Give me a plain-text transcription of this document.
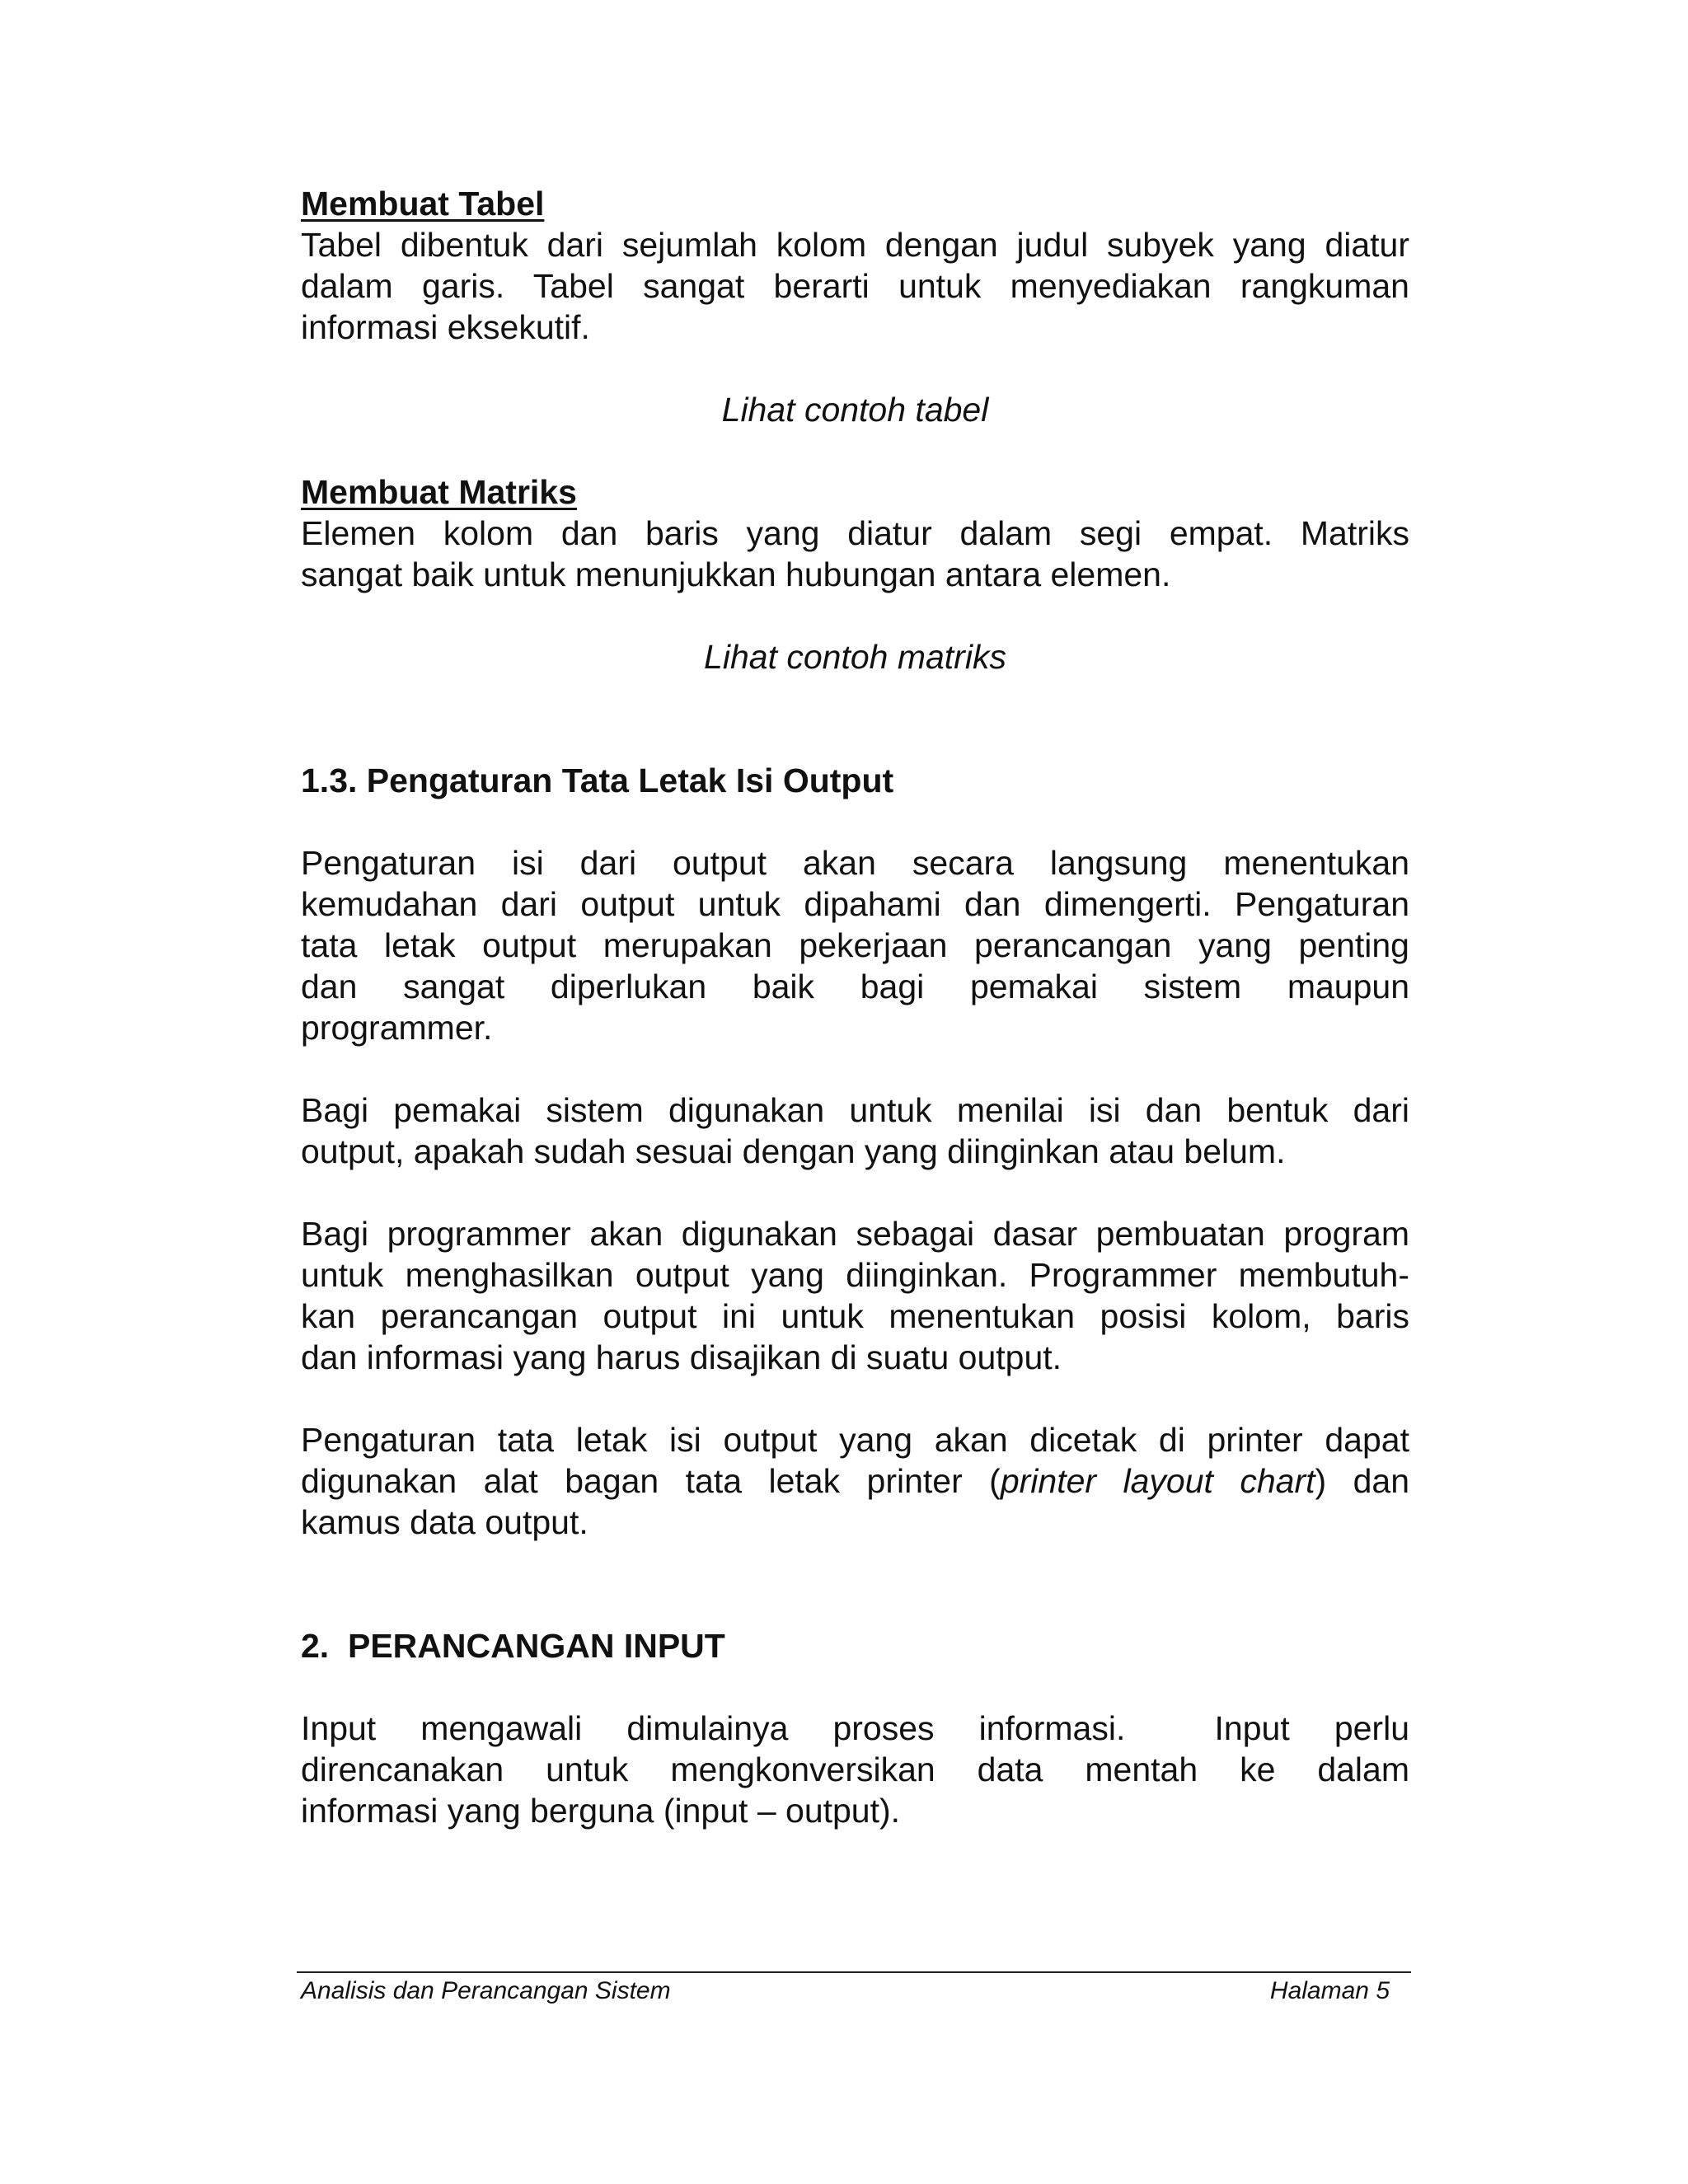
Membuat Tabel
Tabel dibentuk dari sejumlah kolom dengan judul subyek yang diatur
dalam garis. Tabel sangat berarti untuk menyediakan rangkuman
informasi eksekutif.
Lihat contoh tabel
Membuat Matriks
Elemen kolom dan baris yang diatur dalam segi empat. Matriks
sangat baik untuk menunjukkan hubungan antara elemen.
Lihat contoh matriks
1.3. Pengaturan Tata Letak Isi Output
Pengaturan isi dari output akan secara langsung menentukan
kemudahan dari output untuk dipahami dan dimengerti. Pengaturan
tata letak output merupakan pekerjaan perancangan yang penting
dan sangat diperlukan baik bagi pemakai sistem maupun
programmer.
Bagi pemakai sistem digunakan untuk menilai isi dan bentuk dari
output, apakah sudah sesuai dengan yang diinginkan atau belum.
Bagi programmer akan digunakan sebagai dasar pembuatan program
untuk menghasilkan output yang diinginkan. Programmer membutuh-
kan perancangan output ini untuk menentukan posisi kolom, baris
dan informasi yang harus disajikan di suatu output.
Pengaturan tata letak isi output yang akan dicetak di printer dapat
digunakan alat bagan tata letak printer (printer layout chart) dan
kamus data output.
2.  PERANCANGAN INPUT
Input mengawali dimulainya proses informasi.  Input perlu
direncanakan untuk mengkonversikan data mentah ke dalam
informasi yang berguna (input – output).
Analisis dan Perancangan Sistem	Halaman 5
